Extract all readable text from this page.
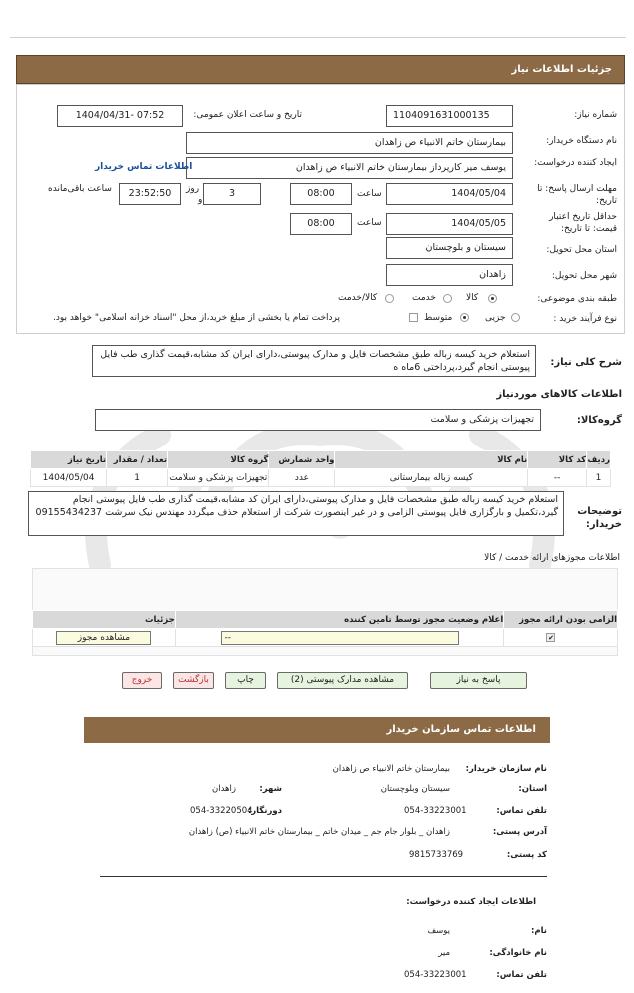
جزئیات اطلاعات نیاز
شماره نیاز:
1104091631000135
تاریخ و ساعت اعلان عمومی:
1404/04/31- 07:52
نام دستگاه خریدار:
بیمارستان خاتم الانبیاء ص زاهدان
ایجاد کننده درخواست:
یوسف میر کارپرداز بیمارستان خاتم الانبیاء ص زاهدان
اطلاعات تماس خریدار
مهلت ارسال پاسخ: تا تاریخ:
1404/05/04
ساعت
08:00
3
روز
و
23:52:50
ساعت باقی‌مانده
حداقل تاریخ اعتبار قیمت: تا تاریخ:
1404/05/05
ساعت
08:00
استان محل تحویل:
سیستان و بلوچستان
شهر محل تحویل:
زاهدان
طبقه بندی موضوعی:
کالا
خدمت
کالا/خدمت
نوع فرآیند خرید :
جزیی
متوسط
پرداخت تمام یا بخشی از مبلغ خرید،از محل "اسناد خزانه اسلامی" خواهد بود.
شرح کلی نیاز:
استعلام خرید کیسه زباله طبق مشخصات فایل و مدارک پیوستی،دارای ایران کد مشابه،قیمت گذاری طب فایل پیوستی انجام گیرد،پرداختی 6ماه ه
اطلاعات کالاهای موردنیاز
گروه‌کالا:
تجهیزات پزشکی و سلامت
ردیف	کد کالا	نام کالا	واحد شمارش	گروه کالا	تعداد / مقدار	تاریخ نیاز
1	--	کیسه زباله بیمارستانی	عدد	تجهیزات پزشکی و سلامت	1	1404/05/04
توضیحات خریدار:
استعلام خرید کیسه زباله طبق مشخصات فایل و مدارک پیوستی،دارای ایران کد مشابه،قیمت گذاری طب فایل پیوستی انجام گیرد،تکمیل و بارگزاری فایل پیوستی الزامی و در غیر اینصورت شرکت از استعلام حذف میگردد مهندس نیک سرشت 09155434237
اطلاعات مجوزهای ارائه خدمت / کالا
الزامی بودن ارائه مجوز	اعلام وضعیت مجوز توسط تامین کننده	جزئیات
✔	--	مشاهده مجوز
پاسخ به نیاز
مشاهده مدارک پیوستی (2)
چاپ
بازگشت
خروج
اطلاعات تماس سازمان خریدار
نام سازمان خریدار:
بیمارستان خاتم الانبیاء ص زاهدان
استان:
سیستان وبلوچستان
شهر:
زاهدان
تلفن تماس:
054-33223001
دورنگار:
054-33220504
آدرس پستی:
زاهدان _ بلوار جام جم _ میدان خاتم _ بیمارستان خاتم الانبیاء (ص) زاهدان
کد پستی:
9815733769
اطلاعات ایجاد کننده درخواست:
نام:
یوسف
نام خانوادگی:
میر
تلفن تماس:
054-33223001
